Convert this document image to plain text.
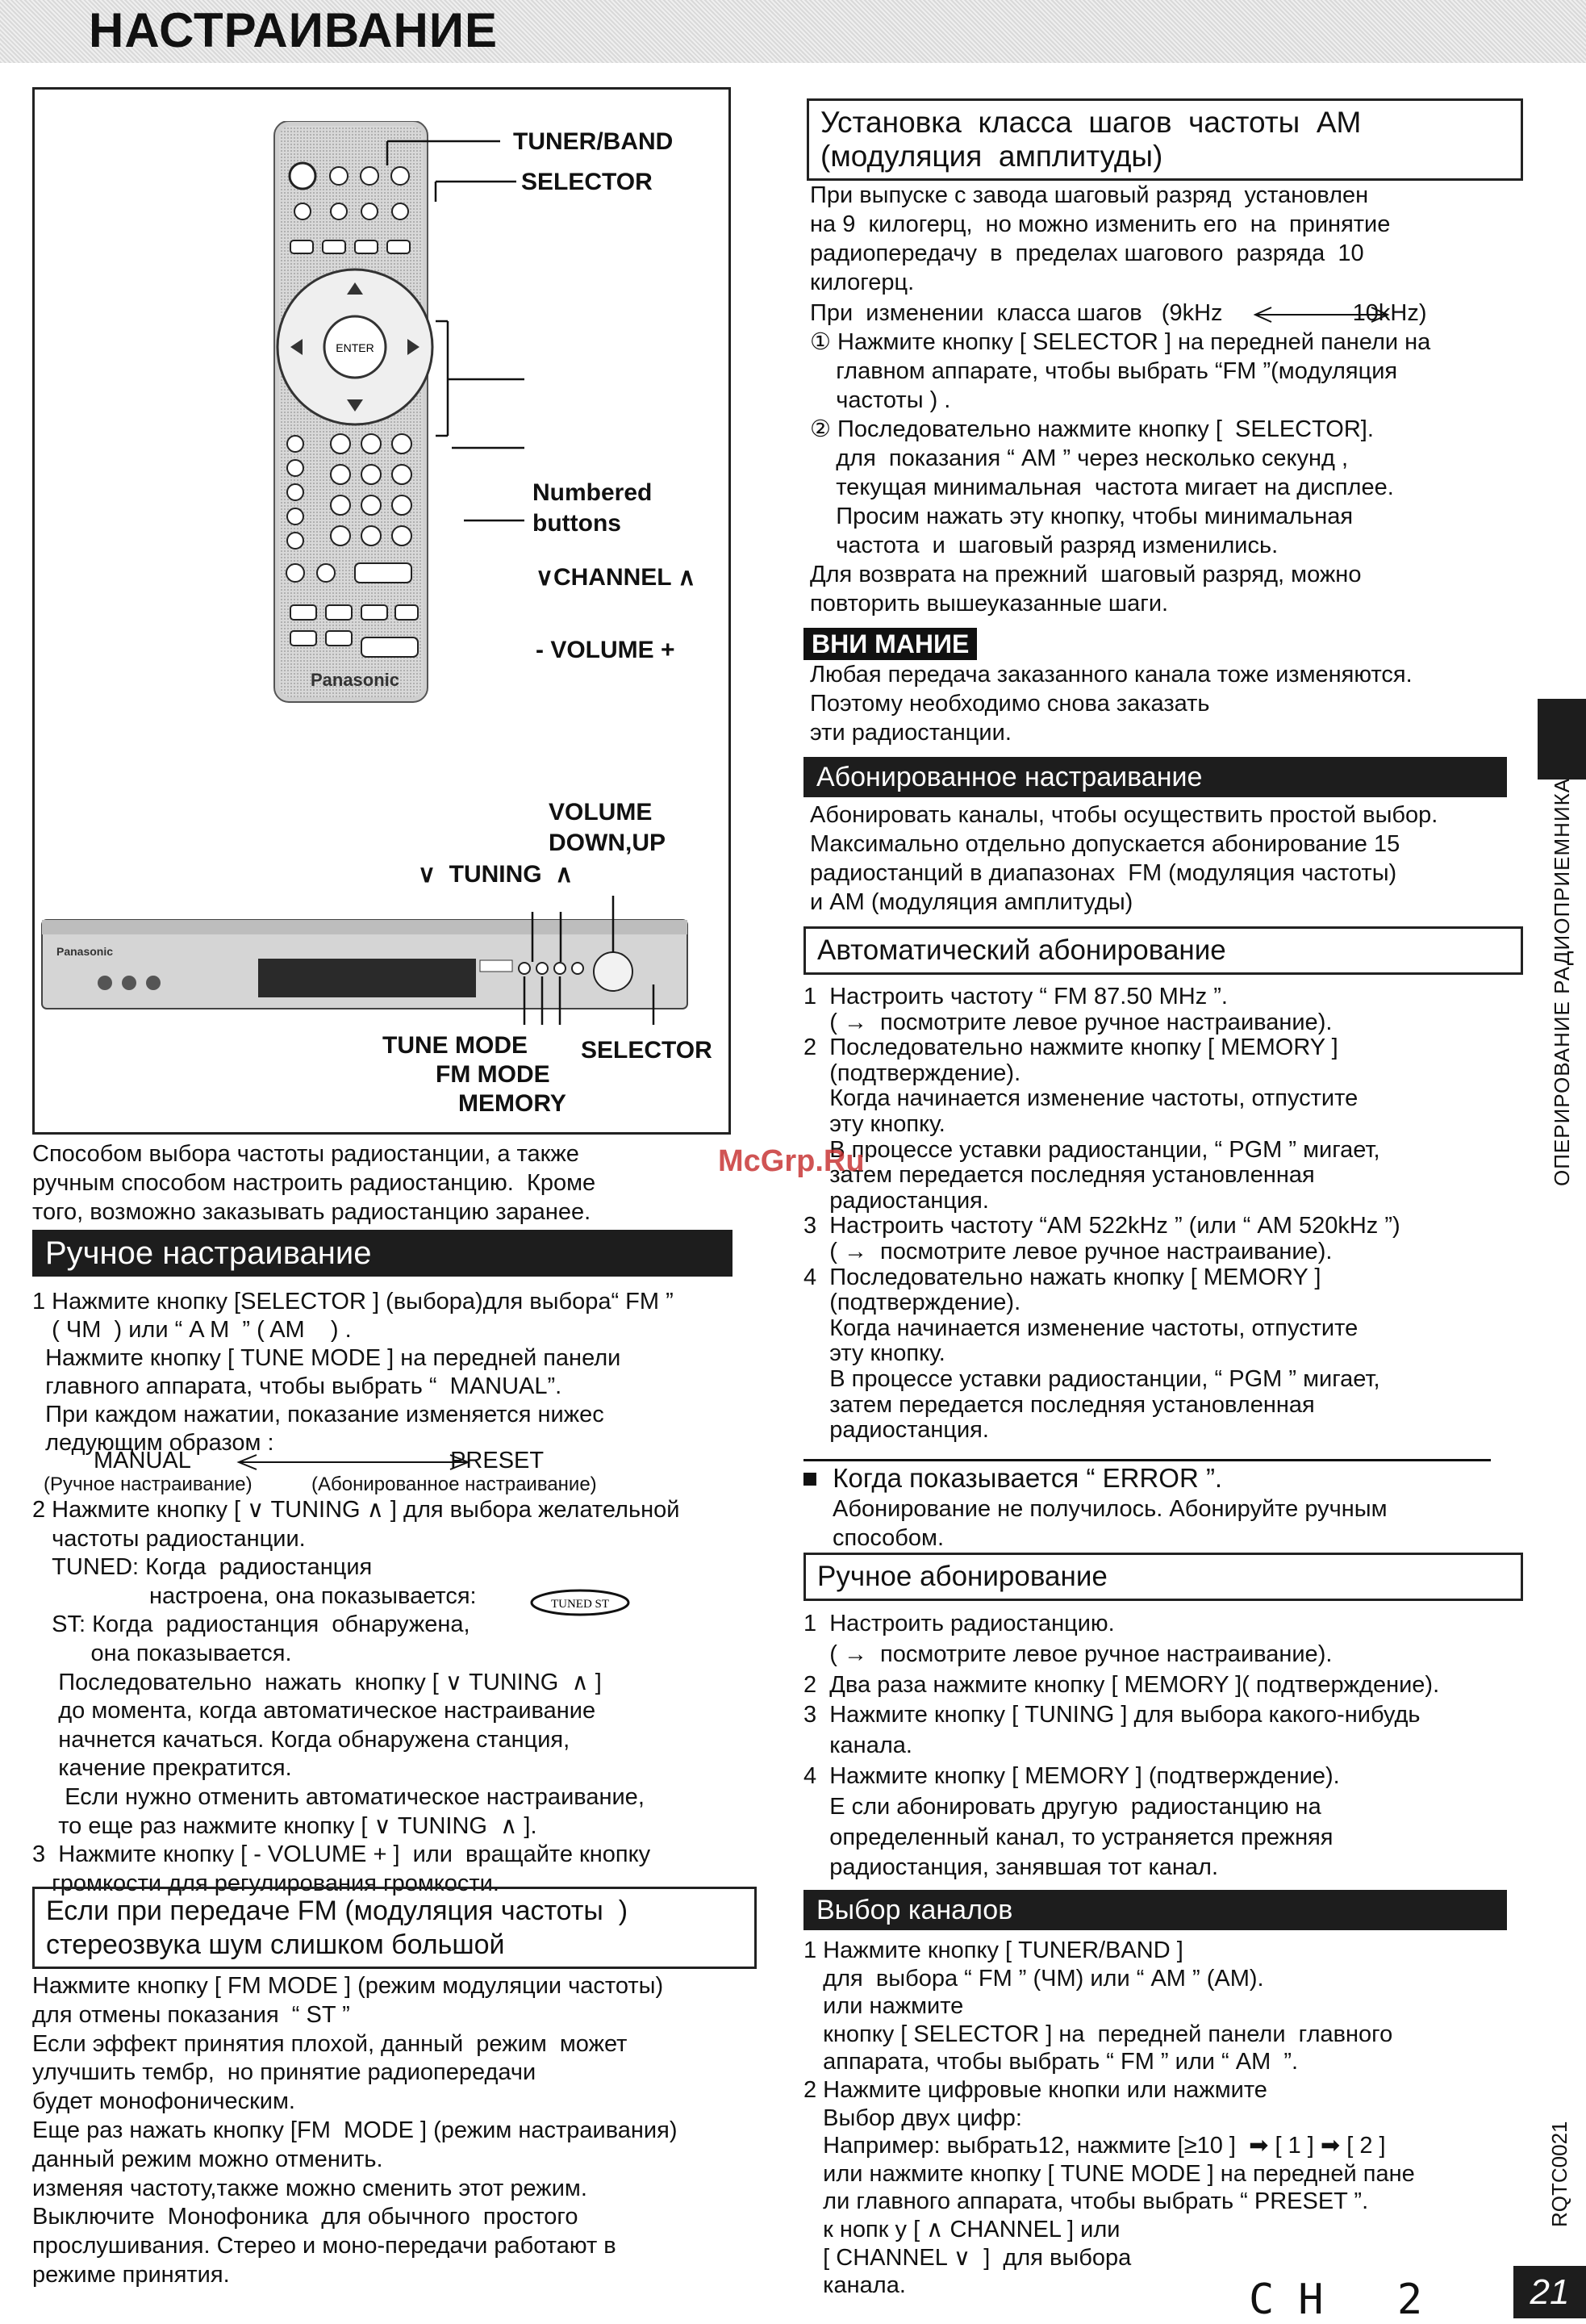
НАСТРАИВАНИЕ
ENTER
Panasonic
TUNER/BAND
SELECTOR
Numbered
buttons
∨CHANNEL ∧
- VOLUME +
VOLUME
DOWN,UP
∨  TUNING  ∧
Panasonic
TUNE MODE
FM MODE
MEMORY
SELECTOR
Способом выбора частоты радиостанции, а также
ручным способом настроить радиостанцию.  Кроме
того, возможно заказывать радиостанцию заранее.
Ручное настраивание
1 Нажмите кнопку [SELECTOR ] (выбора)для выбора“ FM ”
( ЧМ  ) или “ A M  ” ( AM    ) .
Нажмите кнопку [ TUNE MODE ] на передней панели
главного аппарата, чтобы выбрать “  MANUAL”.
При каждом нажатии, показание изменяется нижес
ледующим образом :
MANUAL                                        PRESET
(Ручное настраивание)           (Абонированное настраивание)
2 Нажмите кнопку [ ∨ TUNING ∧ ] для выбора желательной
частоты радиостанции.
TUNED: Когда  радиостанция
настроена, она показывается:
ST: Когда  радиостанция  обнаружена,
она показывается.
Последовательно  нажать  кнопку [ ∨ TUNING  ∧ ]
до момента, когда автоматическое настраивание
начнется качаться. Когда обнаружена станция,
качение прекратится.
Если нужно отменить автоматическое настраивание,
то еще раз нажмите кнопку [ ∨ TUNING  ∧ ].
3  Нажмите кнопку [ - VOLUME + ]  или  вращайте кнопку
громкости для регулирования громкости.
TUNED ST
Если при передаче FM (модуляция частоты  )
стереозвука шум слишком большой
Нажмите кнопку [ FM MODE ] (режим модуляции частоты)
для отмены показания  “ ST ”
Если эффект принятия плохой, данный  режим  может
улучшить тембр,  но принятие радиопередачи
будет монофоническим.
Еще раз нажать кнопку [FM  MODE ] (режим настраивания)
данный режим можно отменить.
изменяя частоту,также можно сменить этот режим.
Выключите  Монофоника  для обычного  простого
прослушивания. Стерео и моно-передачи работают в
режиме принятия.
Установка  класса  шагов  частоты  AM
(модуляция  амплитуды)
При выпуске с завода шаговый разряд  установлен
на 9  килогерц,  но можно изменить его  на  принятие
радиопередачу  в  пределах шагового  разряда  10
килогерц.
При  изменении  класса шагов   (9kHz                    10kHz)
① Нажмите кнопку [ SELECTOR ] на передней панели на
главном аппарате, чтобы выбрать “FM ”(модуляция
частоты ) .
② Последовательно нажмите кнопку [  SELECTOR].
для  показания “ AM ” через несколько секунд ,
текущая минимальная  частота мигает на дисплее.
Просим нажать эту кнопку, чтобы минимальная
частота  и  шаговый разряд изменились.
Для возврата на прежний  шаговый разряд, можно
повторить вышеуказанные шаги.
ВНИ МАНИЕ
Любая передача заказанного канала тоже изменяются.
Поэтому необходимо снова заказать
эти радиостанции.
Абонированное настраивание
Абонировать каналы, чтобы осуществить простой выбор.
Максимально отдельно допускается абонирование 15
радиостанций в диапазонах  FM (модуляция частоты)
и AM (модуляция амплитуды)
Автоматический абонирование
1  Настроить частоту “ FM 87.50 MHz ”.
( →  посмотрите левое ручное настраивание).
2  Последовательно нажмите кнопку [ MEMORY ]
(подтверждение).
Когда начинается изменение частоты, отпустите
эту кнопку.
В процессе уставки радиостанции, “ PGM ” мигает,
затем передается последняя установленная
радиостанция.
3  Настроить частоту “AM 522kHz ” (или “ AM 520kHz ”)
( →  посмотрите левое ручное настраивание).
4  Последовательно нажать кнопку [ MEMORY ]
(подтверждение).
Когда начинается изменение частоты, отпустите
эту кнопку.
В процессе уставки радиостанции, “ PGM ” мигает,
затем передается последняя установленная
радиостанция.
■  Когда показывается “ ERROR ”.
Абонирование не получилось. Абонируйте ручным
способом.
Ручное абонирование
1  Настроить радиостанцию.
( →  посмотрите левое ручное настраивание).
2  Два раза нажмите кнопку [ MEMORY ]( подтверждение).
3  Нажмите кнопку [ TUNING ] для выбора какого-нибудь
канала.
4  Нажмите кнопку [ MEMORY ] (подтверждение).
Е сли абонировать другую  радиостанцию на
определенный канал, то устраняется прежняя
радиостанция, занявшая тот канал.
Выбор каналов
1 Нажмите кнопку [ TUNER/BAND ]
для  выбора “ FM ” (ЧМ) или “ AM ” (AM).
или нажмите
кнопку [ SELECTOR ] на  передней панели  главного
аппарата, чтобы выбрать “ FM ” или “ AM  ”.
2 Нажмите цифровые кнопки или нажмите
Выбор двух цифр:
Например: выбрать12, нажмите [≥10 ]  ➡ [ 1 ] ➡ [ 2 ]
или нажмите кнопку [ TUNE MODE ] на передней пане
ли главного аппарата, чтобы выбрать “ PRESET ”.
к нопк у [ ∧ CHANNEL ] или
[ CHANNEL ∨  ]  для выбора
канала.	CH 2
ОПЕРИРОВАНИЕ РАДИОПРИЕМНИКА
RQTC0021
21
McGrp.Ru
